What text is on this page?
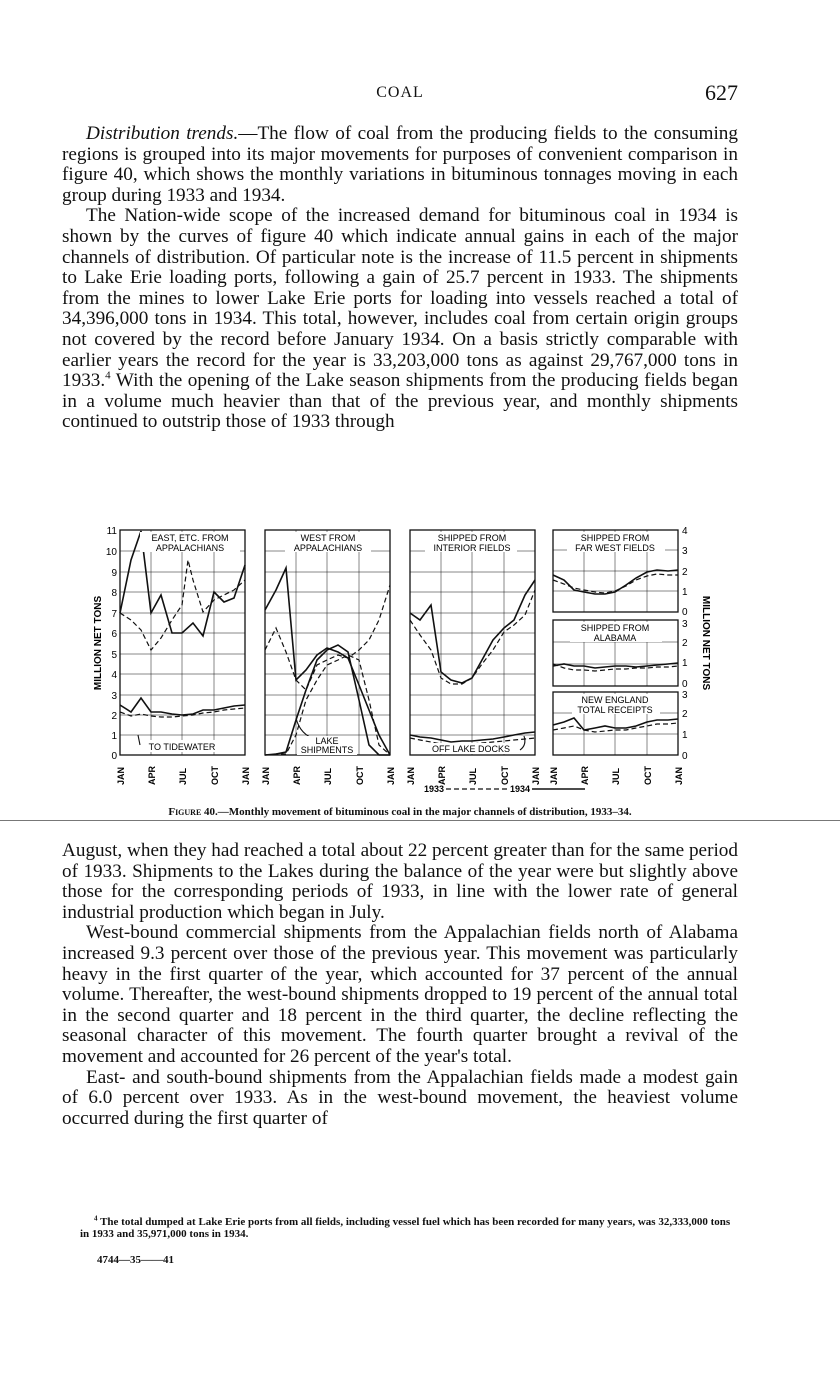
COAL	627

Distribution trends.—The flow of coal from the producing fields to the consuming regions is grouped into its major movements for purposes of convenient comparison in figure 40, which shows the monthly variations in bituminous tonnages moving in each group during 1933 and 1934.

The Nation-wide scope of the increased demand for bituminous coal in 1934 is shown by the curves of figure 40 which indicate annual gains in each of the major channels of distribution. Of particular note is the increase of 11.5 percent in shipments to Lake Erie loading ports, following a gain of 25.7 percent in 1933. The shipments from the mines to lower Lake Erie ports for loading into vessels reached a total of 34,396,000 tons in 1934. This total, however, includes coal from certain origin groups not covered by the record before January 1934. On a basis strictly comparable with earlier years the record for the year is 33,203,000 tons as against 29,767,000 tons in 1933.$^4$ With the opening of the Lake season shipments from the producing fields began in a volume much heavier than that of the previous year, and monthly shipments continued to outstrip those of 1933 through

EAST, ETC. FROM
APPALACHIANS
WEST FROM
APPALACHIANS
SHIPPED FROM
INTERIOR FIELDS
SHIPPED FROM
FAR WEST FIELDS
SHIPPED FROM
ALABAMA
NEW ENGLAND
TOTAL RECEIPTS
TO TIDEWATER
LAKE
SHIPMENTS	OFF LAKE DOCKS
11
10
9
8
7
6
5
4
3
2
1
0
MILLION NET TONS
4
3
2
1
0
3
2
1
0
3
2
1
0
MILLION NET TONS
JAN APR JUL OCT JAN JAN APR JUL OCT JAN JAN APR JUL OCT JAN JAN APR JUL OCT JAN
1933	1934
Figure 40.—Monthly movement of bituminous coal in the major channels of distribution, 1933–34.

August, when they had reached a total about 22 percent greater than for the same period of 1933. Shipments to the Lakes during the balance of the year were but slightly above those for the corresponding periods of 1933, in line with the lower rate of general industrial production which began in July.

West-bound commercial shipments from the Appalachian fields north of Alabama increased 9.3 percent over those of the previous year. This movement was particularly heavy in the first quarter of the year, which accounted for 37 percent of the annual volume. Thereafter, the west-bound shipments dropped to 19 percent of the annual total in the second quarter and 18 percent in the third quarter, the decline reflecting the seasonal character of this movement. The fourth quarter brought a revival of the movement and accounted for 26 percent of the year's total.

East- and south-bound shipments from the Appalachian fields made a modest gain of 6.0 percent over 1933. As in the west-bound movement, the heaviest volume occurred during the first quarter of

$^4$ The total dumped at Lake Erie ports from all fields, including vessel fuel which has been recorded for many years, was 32,333,000 tons in 1933 and 35,971,000 tons in 1934.

4744—35——41
